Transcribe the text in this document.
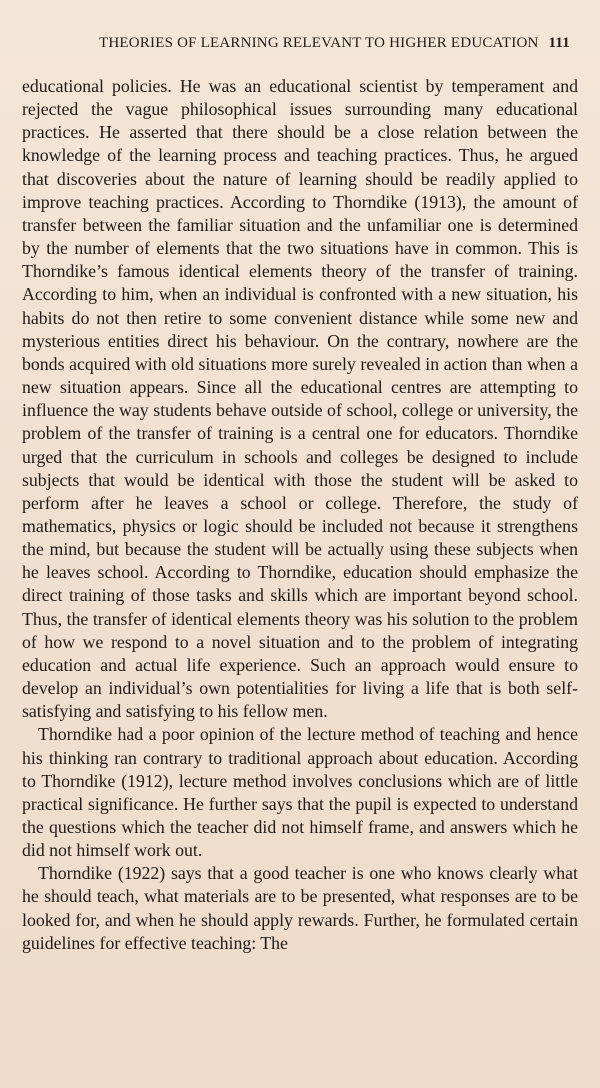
THEORIES OF LEARNING RELEVANT TO HIGHER EDUCATION 111

educational policies. He was an educational scientist by temperament and rejected the vague philosophical issues surrounding many educational practices. He asserted that there should be a close relation between the knowledge of the learning process and teaching practices. Thus, he argued that discoveries about the nature of learning should be readily applied to improve teaching practices. According to Thorndike (1913), the amount of transfer between the familiar situation and the unfamiliar one is determined by the number of elements that the two situations have in common. This is Thorndike’s famous identical elements theory of the transfer of training. According to him, when an individual is confronted with a new situation, his habits do not then retire to some convenient distance while some new and mysterious entities direct his behaviour. On the contrary, nowhere are the bonds acquired with old situations more surely revealed in action than when a new situation appears. Since all the educational centres are attempting to influence the way students behave outside of school, college or university, the problem of the transfer of training is a central one for educators. Thorndike urged that the curriculum in schools and colleges be designed to include subjects that would be identical with those the student will be asked to perform after he leaves a school or college. Therefore, the study of mathematics, physics or logic should be included not because it strengthens the mind, but because the student will be actually using these subjects when he leaves school. According to Thorndike, education should emphasize the direct training of those tasks and skills which are important beyond school. Thus, the transfer of identical elements theory was his solution to the problem of how we respond to a novel situation and to the problem of integrating education and actual life experience. Such an approach would ensure to develop an individual’s own potentialities for living a life that is both self-satisfying and satisfying to his fellow men.

Thorndike had a poor opinion of the lecture method of teaching and hence his thinking ran contrary to traditional approach about education. According to Thorndike (1912), lecture method involves conclusions which are of little practical significance. He further says that the pupil is expected to understand the questions which the teacher did not himself frame, and answers which he did not himself work out.

Thorndike (1922) says that a good teacher is one who knows clearly what he should teach, what materials are to be presented, what responses are to be looked for, and when he should apply rewards. Further, he formulated certain guidelines for effective teaching: The
